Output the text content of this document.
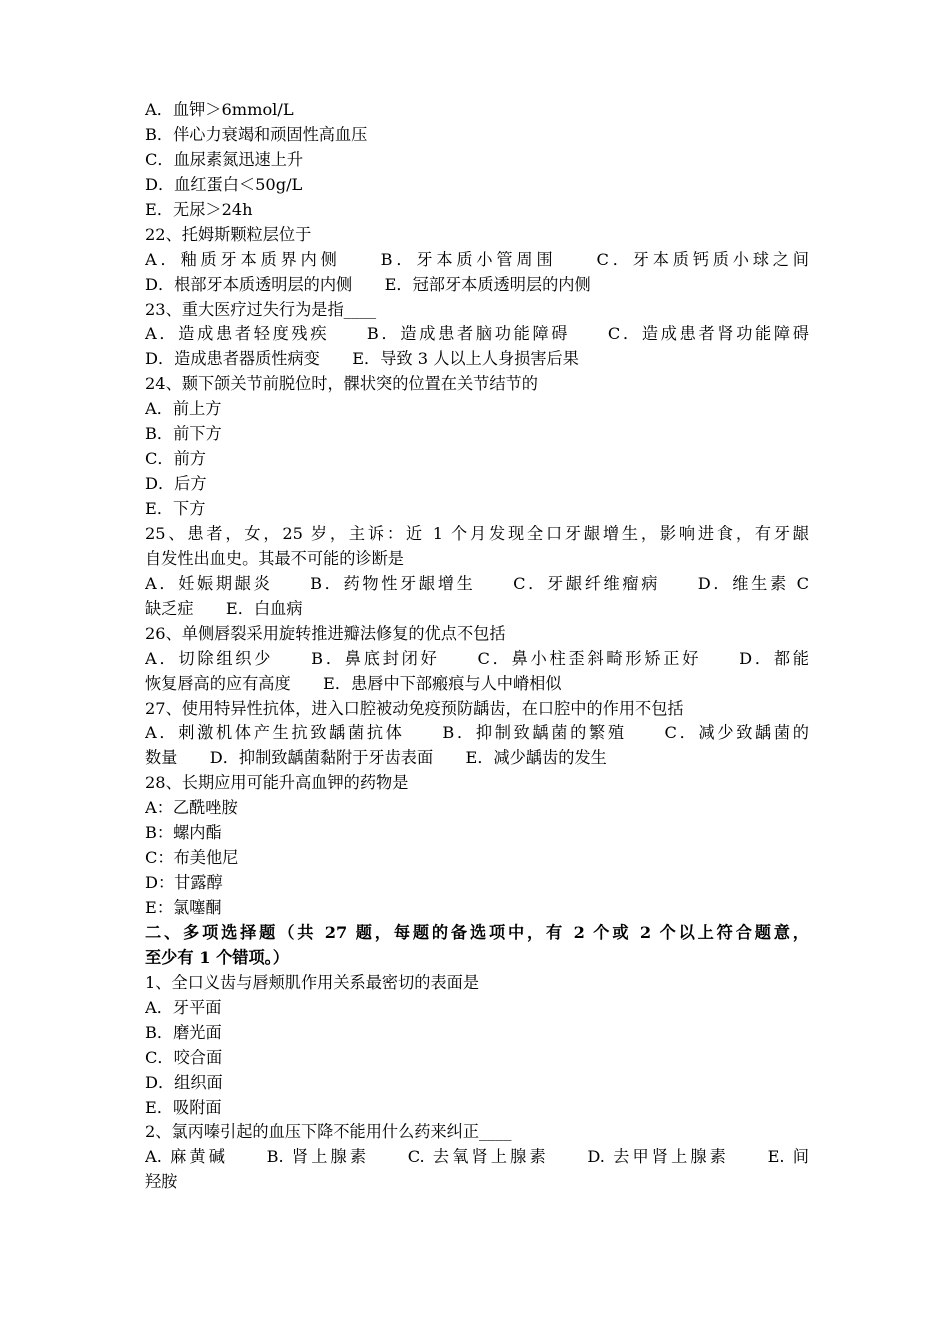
A．血钾＞6mmol/L
B．伴心力衰竭和顽固性高血压
C．血尿素氮迅速上升
D．血红蛋白＜50g/L
E．无尿＞24h
22、托姆斯颗粒层位于
A．釉质牙本质界内侧　　B．牙本质小管周围　　C．牙本质钙质小球之间
D．根部牙本质透明层的内侧　　E．冠部牙本质透明层的内侧
23、重大医疗过失行为是指____
A．造成患者轻度残疾　　B．造成患者脑功能障碍　　C．造成患者肾功能障碍
D．造成患者器质性病变　　E．导致 3 人以上人身损害后果
24、颞下颌关节前脱位时，髁状突的位置在关节结节的
A．前上方
B．前下方
C．前方
D．后方
E．下方
25、患者，女，25 岁，主诉：近 1 个月发现全口牙龈增生，影响进食，有牙龈
自发性出血史。其最不可能的诊断是
A．妊娠期龈炎　　B．药物性牙龈增生　　C．牙龈纤维瘤病　　D．维生素 C
缺乏症　　E．白血病
26、单侧唇裂采用旋转推进瓣法修复的优点不包括
A．切除组织少　　B．鼻底封闭好　　C．鼻小柱歪斜畸形矫正好　　D．都能
恢复唇高的应有高度　　E．患唇中下部瘢痕与人中嵴相似
27、使用特异性抗体，进入口腔被动免疫预防龋齿，在口腔中的作用不包括
A．刺激机体产生抗致龋菌抗体　　B．抑制致龋菌的繁殖　　C．减少致龋菌的
数量　　D．抑制致龋菌黏附于牙齿表面　　E．减少龋齿的发生
28、长期应用可能升高血钾的药物是
A：乙酰唑胺
B：螺内酯
C：布美他尼
D：甘露醇
E：氯噻酮
二、多项选择题（共 27 题，每题的备选项中，有 2 个或 2 个以上符合题意，
至少有 1 个错项。）
1、全口义齿与唇颊肌作用关系最密切的表面是
A．牙平面
B．磨光面
C．咬合面
D．组织面
E．吸附面
2、氯丙嗪引起的血压下降不能用什么药来纠正____
A. 麻黄碱　　B. 肾上腺素　　C. 去氧肾上腺素　　D. 去甲肾上腺素　　E. 间
羟胺
